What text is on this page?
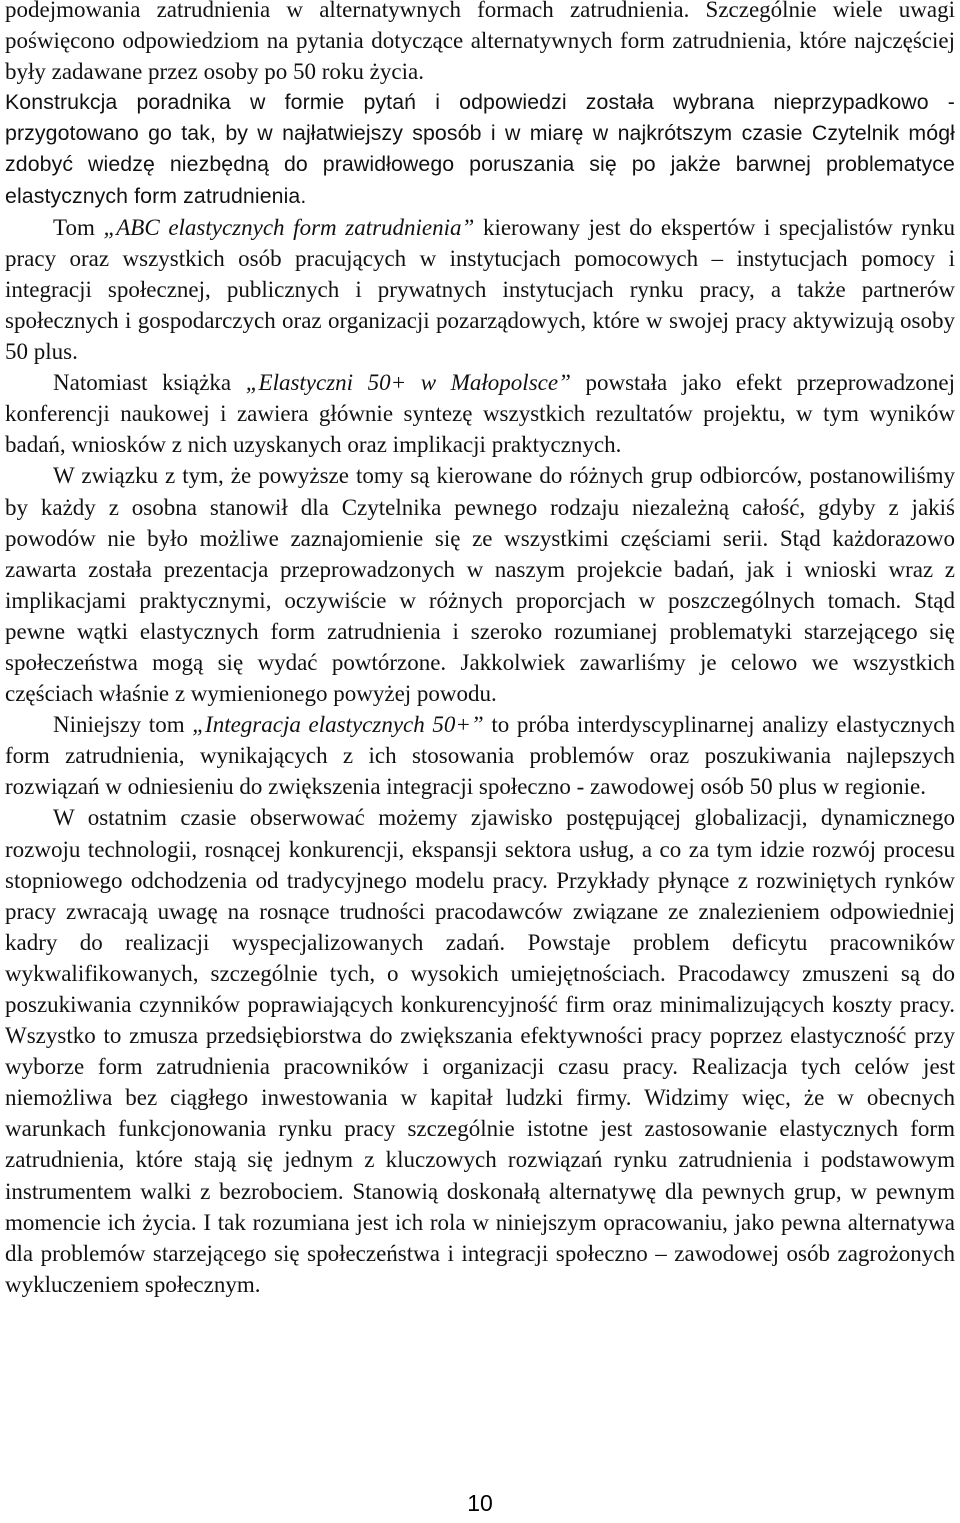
podejmowania zatrudnienia w alternatywnych formach zatrudnienia. Szczególnie wiele uwagi poświęcono odpowiedziom na pytania dotyczące alternatywnych form zatrudnienia, które najczęściej były zadawane przez osoby po 50 roku życia.

Konstrukcja poradnika w formie pytań i odpowiedzi została wybrana nieprzypadkowo - przygotowano go tak, by w najłatwiejszy sposób i w miarę w najkrótszym czasie Czytelnik mógł zdobyć wiedzę niezbędną do prawidłowego poruszania się po jakże barwnej problematyce elastycznych form zatrudnienia.

Tom „ABC elastycznych form zatrudnienia” kierowany jest do ekspertów i specjalistów rynku pracy oraz wszystkich osób pracujących w instytucjach pomocowych – instytucjach pomocy i integracji społecznej, publicznych i prywatnych instytucjach rynku pracy, a także partnerów społecznych i gospodarczych oraz organizacji pozarządowych, które w swojej pracy aktywizują osoby 50 plus.

Natomiast książka „Elastyczni 50+ w Małopolsce” powstała jako efekt przeprowadzonej konferencji naukowej i zawiera głównie syntezę wszystkich rezultatów projektu, w tym wyników badań, wniosków z nich uzyskanych oraz implikacji praktycznych.

W związku z tym, że powyższe tomy są kierowane do różnych grup odbiorców, postanowiliśmy by każdy z osobna stanowił dla Czytelnika pewnego rodzaju niezależną całość, gdyby z jakiś powodów nie było możliwe zaznajomienie się ze wszystkimi częściami serii. Stąd każdorazowo zawarta została prezentacja przeprowadzonych w naszym projekcie badań, jak i wnioski wraz z implikacjami praktycznymi, oczywiście w różnych proporcjach w poszczególnych tomach. Stąd pewne wątki elastycznych form zatrudnienia i szeroko rozumianej problematyki starzejącego się społeczeństwa mogą się wydać powtórzone. Jakkolwiek zawarliśmy je celowo we wszystkich częściach właśnie z wymienionego powyżej powodu.

Niniejszy tom „Integracja elastycznych 50+” to próba interdyscyplinarnej analizy elastycznych form zatrudnienia, wynikających z ich stosowania problemów oraz poszukiwania najlepszych rozwiązań w odniesieniu do zwiększenia integracji społeczno - zawodowej osób 50 plus w regionie.

W ostatnim czasie obserwować możemy zjawisko postępującej globalizacji, dynamicznego rozwoju technologii, rosnącej konkurencji, ekspansji sektora usług, a co za tym idzie rozwój procesu stopniowego odchodzenia od tradycyjnego modelu pracy. Przykłady płynące z rozwiniętych rynków pracy zwracają uwagę na rosnące trudności pracodawców związane ze znalezieniem odpowiedniej kadry do realizacji wyspecjalizowanych zadań. Powstaje problem deficytu pracowników wykwalifikowanych, szczególnie tych, o wysokich umiejętnościach. Pracodawcy zmuszeni są do poszukiwania czynników poprawiających konkurencyjność firm oraz minimalizujących koszty pracy. Wszystko to zmusza przedsiębiorstwa do zwiększania efektywności pracy poprzez elastyczność przy wyborze form zatrudnienia pracowników i organizacji czasu pracy. Realizacja tych celów jest niemożliwa bez ciągłego inwestowania w kapitał ludzki firmy. Widzimy więc, że w obecnych warunkach funkcjonowania rynku pracy szczególnie istotne jest zastosowanie elastycznych form zatrudnienia, które stają się jednym z kluczowych rozwiązań rynku zatrudnienia i podstawowym instrumentem walki z bezrobociem. Stanowią doskonałą alternatywę dla pewnych grup, w pewnym momencie ich życia. I tak rozumiana jest ich rola w niniejszym opracowaniu, jako pewna alternatywa dla problemów starzejącego się społeczeństwa i integracji społeczno – zawodowej osób zagrożonych wykluczeniem społecznym.

10
